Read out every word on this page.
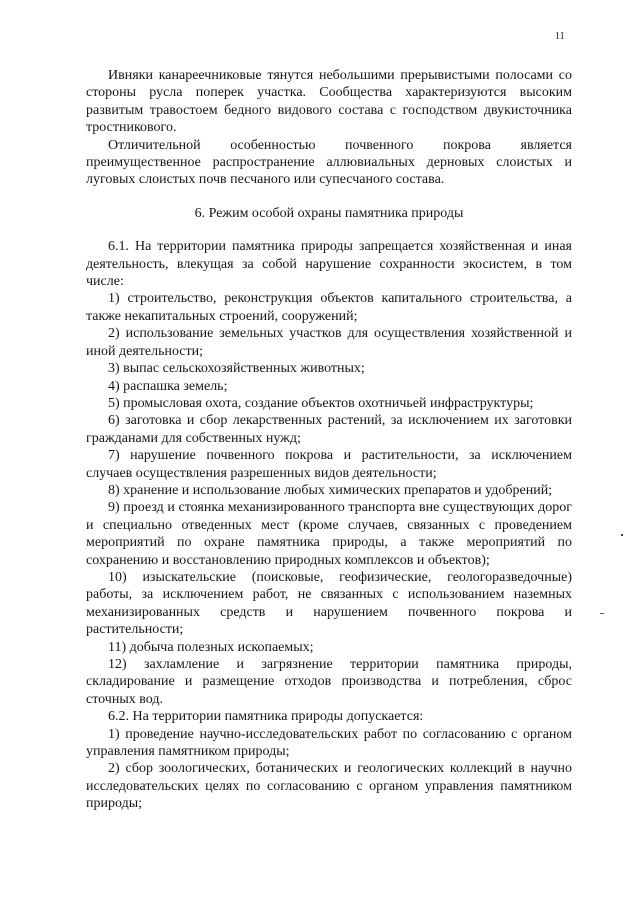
11

Ивняки канареечниковые тянутся небольшими прерывистыми полосами со стороны русла поперек участка. Сообщества характеризуются высоким развитым травостоем бедного видового состава с господством двукисточника тростникового.

Отличительной особенностью почвенного покрова является преимущественное распространение аллювиальных дерновых слоистых и луговых слоистых почв песчаного или супесчаного состава.

6. Режим особой охраны памятника природы

6.1. На территории памятника природы запрещается хозяйственная и иная деятельность, влекущая за собой нарушение сохранности экосистем, в том числе:

1) строительство, реконструкция объектов капитального строительства, а также некапитальных строений, сооружений;

2) использование земельных участков для осуществления хозяйственной и иной деятельности;

3) выпас сельскохозяйственных животных;

4) распашка земель;

5) промысловая охота, создание объектов охотничьей инфраструктуры;

6) заготовка и сбор лекарственных растений, за исключением их заготовки гражданами для собственных нужд;

7) нарушение почвенного покрова и растительности, за исключением случаев осуществления разрешенных видов деятельности;

8) хранение и использование любых химических препаратов и удобрений;

9) проезд и стоянка механизированного транспорта вне существующих дорог и специально отведенных мест (кроме случаев, связанных с проведением мероприятий по охране памятника природы, а также мероприятий по сохранению и восстановлению природных комплексов и объектов);

10) изыскательские (поисковые, геофизические, геологоразведочные) работы, за исключением работ, не связанных с использованием наземных механизированных средств и нарушением почвенного покрова и растительности;

11) добыча полезных ископаемых;

12) захламление и загрязнение территории памятника природы, складирование и размещение отходов производства и потребления, сброс сточных вод.

6.2. На территории памятника природы допускается:

1) проведение научно-исследовательских работ по согласованию с органом управления памятником природы;

2) сбор зоологических, ботанических и геологических коллекций в научно исследовательских целях по согласованию с органом управления памятником природы;
